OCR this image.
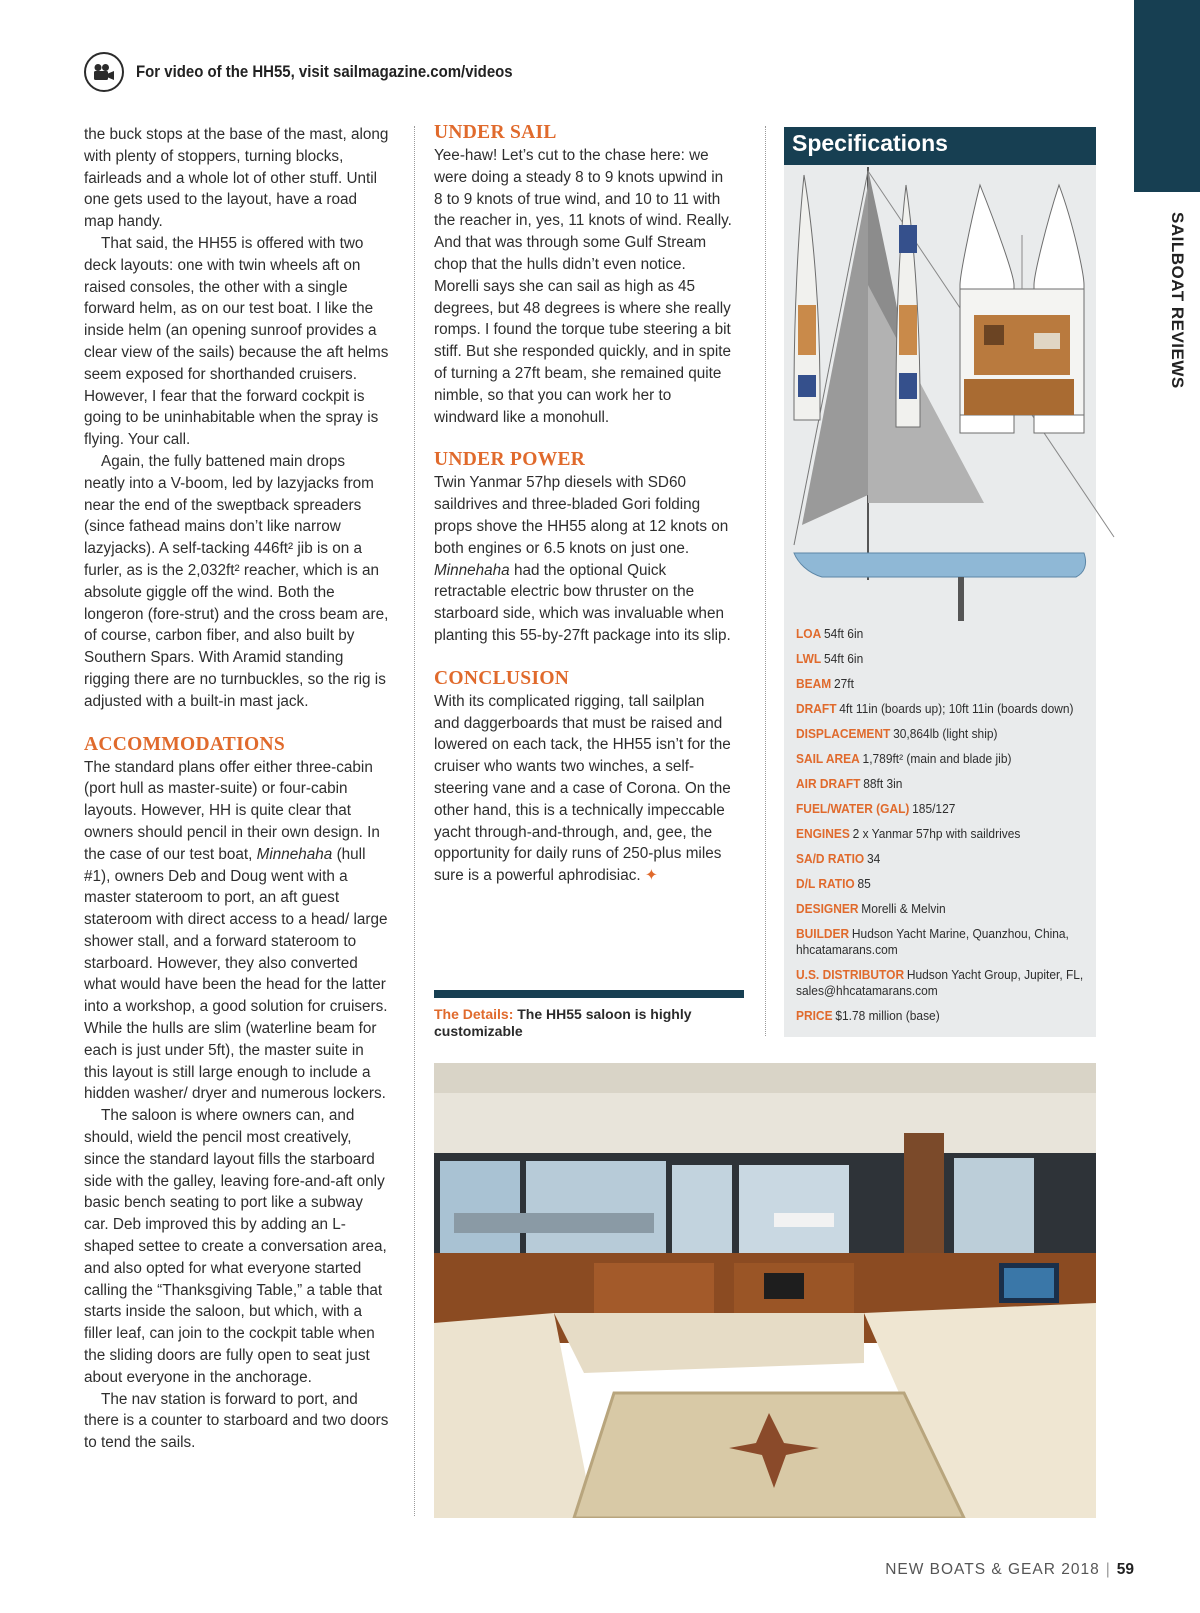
For video of the HH55, visit sailmagazine.com/videos
SAILBOAT REVIEWS

the buck stops at the base of the mast, along with plenty of stoppers, turning blocks, fairleads and a whole lot of other stuff. Until one gets used to the layout, have a road map handy.

That said, the HH55 is offered with two deck layouts: one with twin wheels aft on raised consoles, the other with a single forward helm, as on our test boat. I like the inside helm (an opening sunroof provides a clear view of the sails) because the aft helms seem exposed for shorthanded cruisers. However, I fear that the forward cockpit is going to be uninhabitable when the spray is flying. Your call.

Again, the fully battened main drops neatly into a V-boom, led by lazyjacks from near the end of the sweptback spreaders (since fathead mains don’t like narrow lazyjacks). A self-tacking 446ft² jib is on a furler, as is the 2,032ft² reacher, which is an absolute giggle off the wind. Both the longeron (fore-strut) and the cross beam are, of course, carbon fiber, and also built by Southern Spars. With Aramid standing rigging there are no turnbuckles, so the rig is adjusted with a built-in mast jack.

ACCOMMODATIONS

The standard plans offer either three-cabin (port hull as master-suite) or four-cabin layouts. However, HH is quite clear that owners should pencil in their own design. In the case of our test boat, Minnehaha (hull #1), owners Deb and Doug went with a master stateroom to port, an aft guest stateroom with direct access to a head/ large shower stall, and a forward stateroom to starboard. However, they also converted what would have been the head for the latter into a workshop, a good solution for cruisers. While the hulls are slim (waterline beam for each is just under 5ft), the master suite in this layout is still large enough to include a hidden washer/ dryer and numerous lockers.

The saloon is where owners can, and should, wield the pencil most creatively, since the standard layout fills the starboard side with the galley, leaving fore-and-aft only basic bench seating to port like a subway car. Deb improved this by adding an L-shaped settee to create a conversation area, and also opted for what everyone started calling the “Thanksgiving Table,” a table that starts inside the saloon, but which, with a filler leaf, can join to the cockpit table when the sliding doors are fully open to seat just about everyone in the anchorage.

The nav station is forward to port, and there is a counter to starboard and two doors to tend the sails.

UNDER SAIL

Yee-haw! Let’s cut to the chase here: we were doing a steady 8 to 9 knots upwind in 8 to 9 knots of true wind, and 10 to 11 with the reacher in, yes, 11 knots of wind. Really. And that was through some Gulf Stream chop that the hulls didn’t even notice. Morelli says she can sail as high as 45 degrees, but 48 degrees is where she really romps. I found the torque tube steering a bit stiff. But she responded quickly, and in spite of turning a 27ft beam, she remained quite nimble, so that you can work her to windward like a monohull.

UNDER POWER

Twin Yanmar 57hp diesels with SD60 saildrives and three-bladed Gori folding props shove the HH55 along at 12 knots on both engines or 6.5 knots on just one. Minnehaha had the optional Quick retractable electric bow thruster on the starboard side, which was invaluable when planting this 55-by-27ft package into its slip.

CONCLUSION

With its complicated rigging, tall sailplan and daggerboards that must be raised and lowered on each tack, the HH55 isn’t for the cruiser who wants two winches, a self-steering vane and a case of Corona. On the other hand, this is a technically impeccable yacht through-and-through, and, gee, the opportunity for daily runs of 250-plus miles sure is a powerful aphrodisiac. ✦

The Details: The HH55 saloon is highly customizable
Specifications
LOA 54ft 6in
LWL 54ft 6in
BEAM 27ft
DRAFT 4ft 11in (boards up); 10ft 11in (boards down)
DISPLACEMENT 30,864lb (light ship)
SAIL AREA 1,789ft² (main and blade jib)
AIR DRAFT 88ft 3in
FUEL/WATER (GAL) 185/127
ENGINES 2 x Yanmar 57hp with saildrives
SA/D RATIO 34
D/L RATIO 85
DESIGNER Morelli & Melvin
BUILDER Hudson Yacht Marine, Quanzhou, China, hhcatamarans.com
U.S. DISTRIBUTOR Hudson Yacht Group, Jupiter, FL, sales@hhcatamarans.com
PRICE $1.78 million (base)
NEW BOATS & GEAR 2018 | 59
